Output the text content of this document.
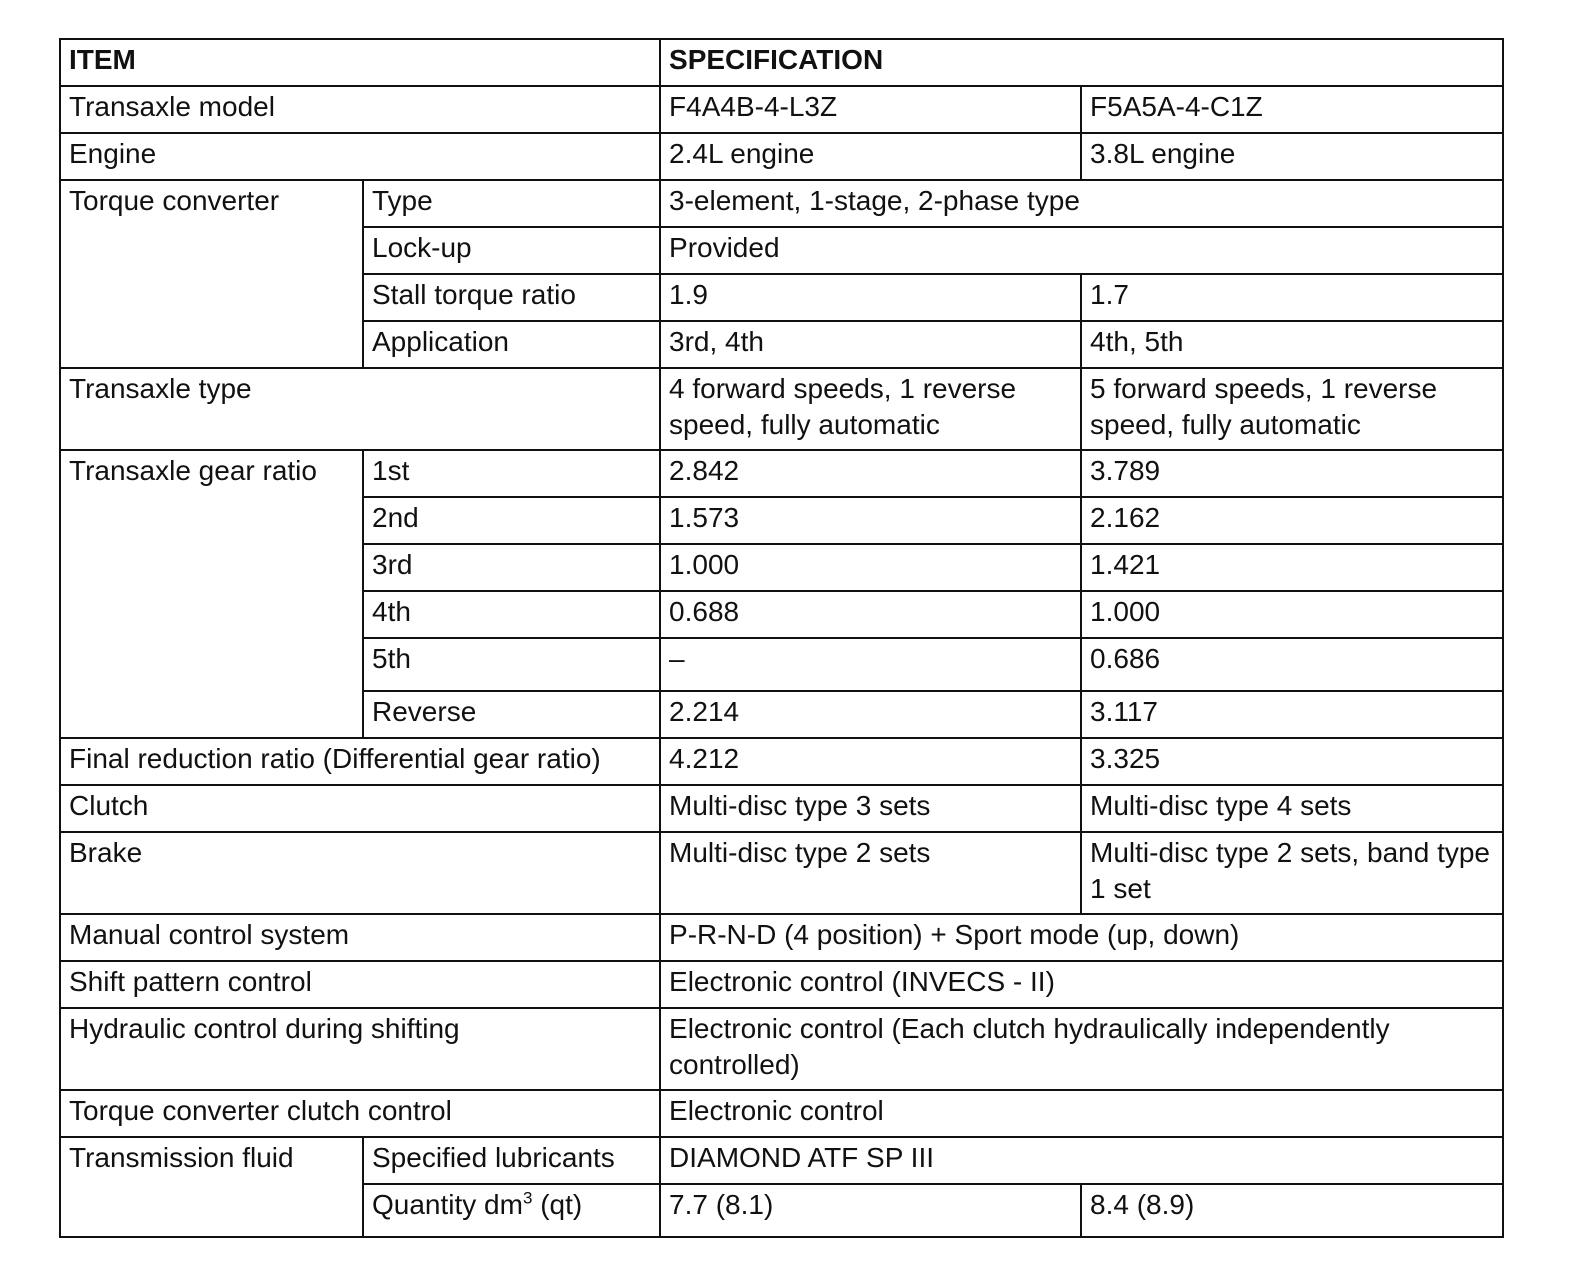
ITEM		SPECIFICATION	
Transaxle model		F4A4B-4-L3Z	F5A5A-4-C1Z
Engine		2.4L engine	3.8L engine
Torque converter	Type	3-element, 1-stage, 2-phase type	
	Lock-up	Provided	
	Stall torque ratio	1.9	1.7
	Application	3rd, 4th	4th, 5th
Transaxle type		4 forward speeds, 1 reverse speed, fully automatic	5 forward speeds, 1 reverse speed, fully automatic
Transaxle gear ratio	1st	2.842	3.789
	2nd	1.573	2.162
	3rd	1.000	1.421
	4th	0.688	1.000
	5th	–	0.686
	Reverse	2.214	3.117
Final reduction ratio (Differential gear ratio)		4.212	3.325
Clutch		Multi-disc type 3 sets	Multi-disc type 4 sets
Brake		Multi-disc type 2 sets	Multi-disc type 2 sets, band type 1 set
Manual control system		P-R-N-D (4 position) + Sport mode (up, down)	
Shift pattern control		Electronic control (INVECS - II)	
Hydraulic control during shifting		Electronic control (Each clutch hydraulically independently controlled)	
Torque converter clutch control		Electronic control	
Transmission fluid	Specified lubricants	DIAMOND ATF SP III	
	Quantity $dm^3$ (qt)	7.7 (8.1)	8.4 (8.9)
